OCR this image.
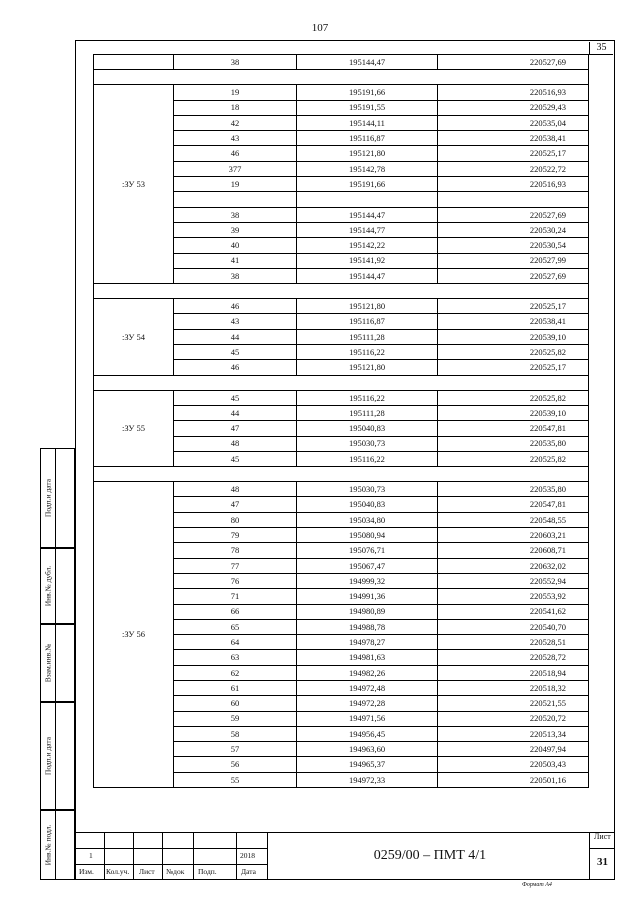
107
35
	38	195144,47	220527,69

:ЗУ 53	19	195191,66	220516,93
	18	195191,55	220529,43
	42	195144,11	220535,04
	43	195116,87	220538,41
	46	195121,80	220525,17
	377	195142,78	220522,72
	19	195191,66	220516,93

	38	195144,47	220527,69
	39	195144,77	220530,24
	40	195142,22	220530,54
	41	195141,92	220527,99
	38	195144,47	220527,69

:ЗУ 54	46	195121,80	220525,17
	43	195116,87	220538,41
	44	195111,28	220539,10
	45	195116,22	220525,82
	46	195121,80	220525,17

:ЗУ 55	45	195116,22	220525,82
	44	195111,28	220539,10
	47	195040,83	220547,81
	48	195030,73	220535,80
	45	195116,22	220525,82

:ЗУ 56	48	195030,73	220535,80
	47	195040,83	220547,81
	80	195034,80	220548,55
	79	195080,94	220603,21
	78	195076,71	220608,71
	77	195067,47	220632,02
	76	194999,32	220552,94
	71	194991,36	220553,92
	66	194980,89	220541,62
	65	194988,78	220540,70
	64	194978,27	220528,51
	63	194981,63	220528,72
	62	194982,26	220518,94
	61	194972,48	220518,32
	60	194972,28	220521,55
	59	194971,56	220520,72
	58	194956,45	220513,34
	57	194963,60	220497,94
	56	194965,37	220503,43
	55	194972,33	220501,16
Подп.и дата
Инв.№ дубл.
Взам.инв.№
Подп.и дата
Инв.№ подл.	1	2018
Изм. Кол.уч. Лист №док Подп.	Дата
0259/00 – ПМТ 4/1
Лист
31
Формат А4
